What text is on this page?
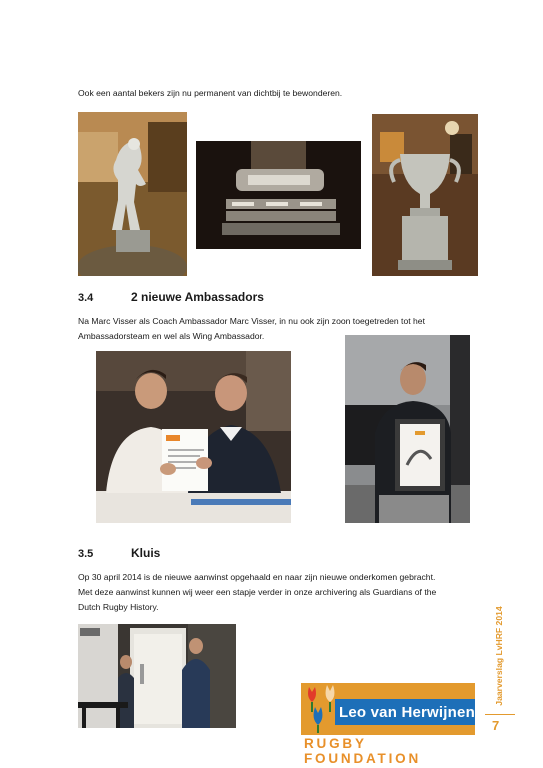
Ook een aantal bekers zijn nu permanent van dichtbij te bewonderen.
3.4	2 nieuwe Ambassadors
Na Marc Visser als Coach Ambassador Marc Visser, in nu ook zijn zoon toegetreden tot het
Ambassadorsteam en wel als Wing Ambassador.
3.5	Kluis
Op 30 april 2014 is de nieuwe aanwinst opgehaald en naar zijn nieuwe onderkomen gebracht.
Met deze aanwinst kunnen wij weer een stapje verder in onze archivering als Guardians of the
Dutch Rugby History.
Leo van Herwijnen
RUGBY FOUNDATION
Jaarverslag LvHRF 2014
7
